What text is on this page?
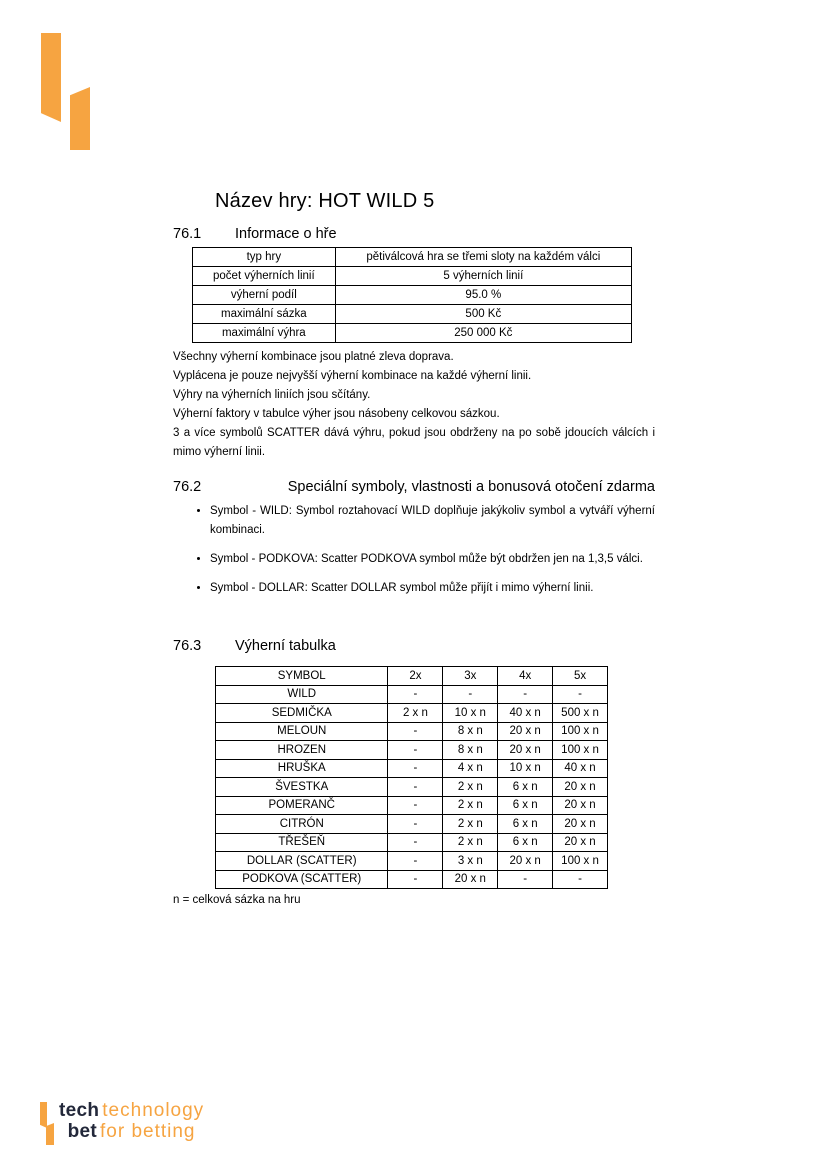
Název hry: HOT WILD 5
76.1	Informace o hře
typ hry	pětiválcová hra se třemi sloty na každém válci
počet výherních linií	5 výherních linií
výherní podíl	95.0 %
maximální sázka	500 Kč
maximální výhra	250 000 Kč
Všechny výherní kombinace jsou platné zleva doprava.
Vyplácena je pouze nejvyšší výherní kombinace na každé výherní linii.
Výhry na výherních liniích jsou sčítány.
Výherní faktory v tabulce výher jsou násobeny celkovou sázkou.
3 a více symbolů SCATTER dává výhru, pokud jsou obdrženy na po sobě jdoucích válcích i mimo výherní linii.
76.2	Speciální symboly, vlastnosti a bonusová otočení zdarma
• Symbol - WILD: Symbol roztahovací WILD doplňuje jakýkoliv symbol a vytváří výherní kombinaci.
• Symbol - PODKOVA: Scatter PODKOVA symbol může být obdržen jen na 1,3,5 válci.
• Symbol - DOLLAR: Scatter DOLLAR symbol může přijít i mimo výherní linii.
76.3	Výherní tabulka
SYMBOL	2x	3x	4x	5x
WILD	-	-	-	-
SEDMIČKA	2 x n	10 x n	40 x n	500 x n
MELOUN	-	8 x n	20 x n	100 x n
HROZEN	-	8 x n	20 x n	100 x n
HRUŠKA	-	4 x n	10 x n	40 x n
ŠVESTKA	-	2 x n	6 x n	20 x n
POMERANČ	-	2 x n	6 x n	20 x n
CITRÓN	-	2 x n	6 x n	20 x n
TŘEŠEŇ	-	2 x n	6 x n	20 x n
DOLLAR (SCATTER)	-	3 x n	20 x n	100 x n
PODKOVA (SCATTER)	-	20 x n	-	-
n = celková sázka na hru
tech technology
bet for betting
